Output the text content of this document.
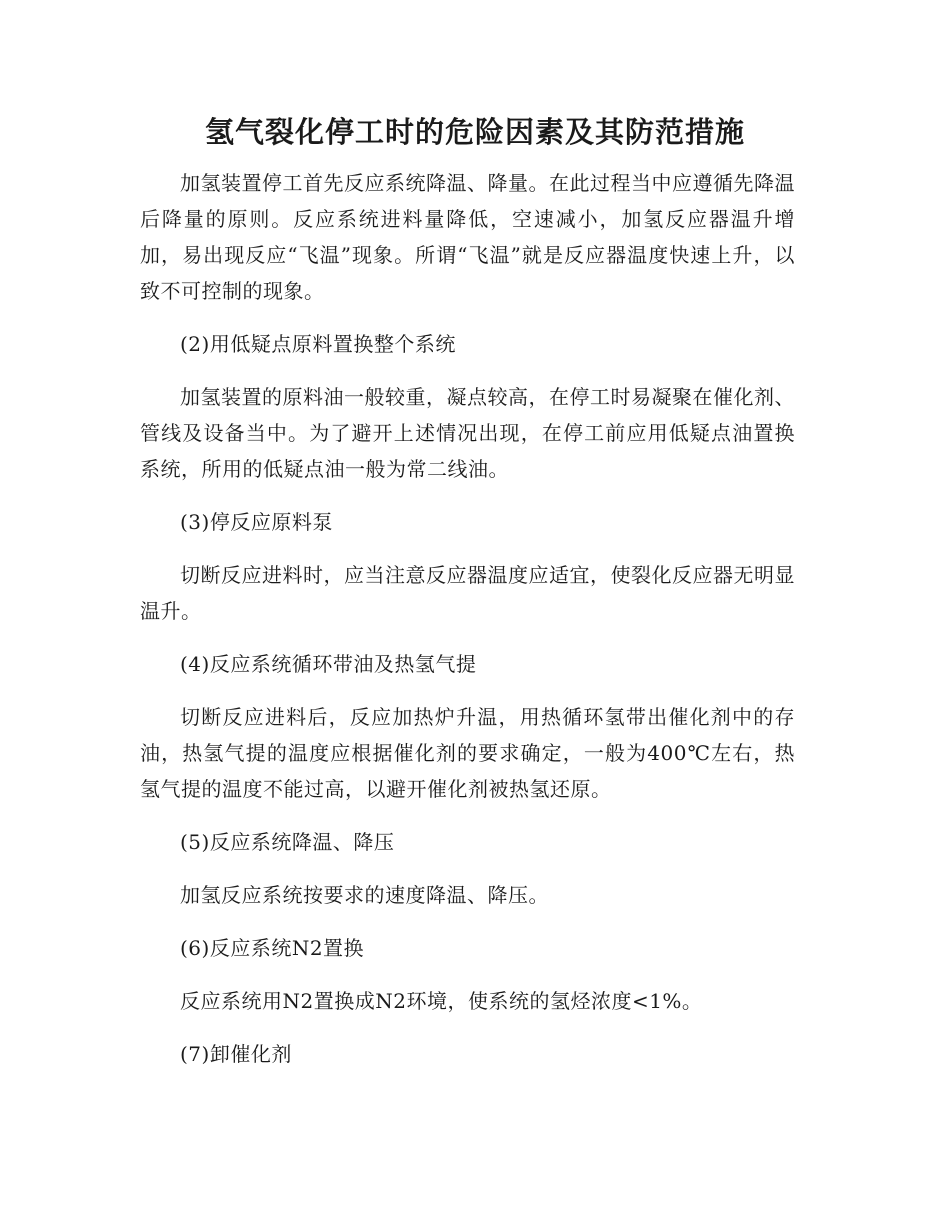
氢气裂化停工时的危险因素及其防范措施

加氢装置停工首先反应系统降温、降量。在此过程当中应遵循先降温后降量的原则。反应系统进料量降低，空速减小，加氢反应器温升增加，易出现反应“飞温”现象。所谓“飞温”就是反应器温度快速上升，以致不可控制的现象。

(2)用低疑点原料置换整个系统

加氢装置的原料油一般较重，凝点较高，在停工时易凝聚在催化剂、管线及设备当中。为了避开上述情况出现，在停工前应用低疑点油置换系统，所用的低疑点油一般为常二线油。

(3)停反应原料泵

切断反应进料时，应当注意反应器温度应适宜，使裂化反应器无明显温升。

(4)反应系统循环带油及热氢气提

切断反应进料后，反应加热炉升温，用热循环氢带出催化剂中的存油，热氢气提的温度应根据催化剂的要求确定，一般为400℃左右，热氢气提的温度不能过高，以避开催化剂被热氢还原。

(5)反应系统降温、降压

加氢反应系统按要求的速度降温、降压。

(6)反应系统N2置换

反应系统用N2置换成N2环境，使系统的氢烃浓度<1%。

(7)卸催化剂
